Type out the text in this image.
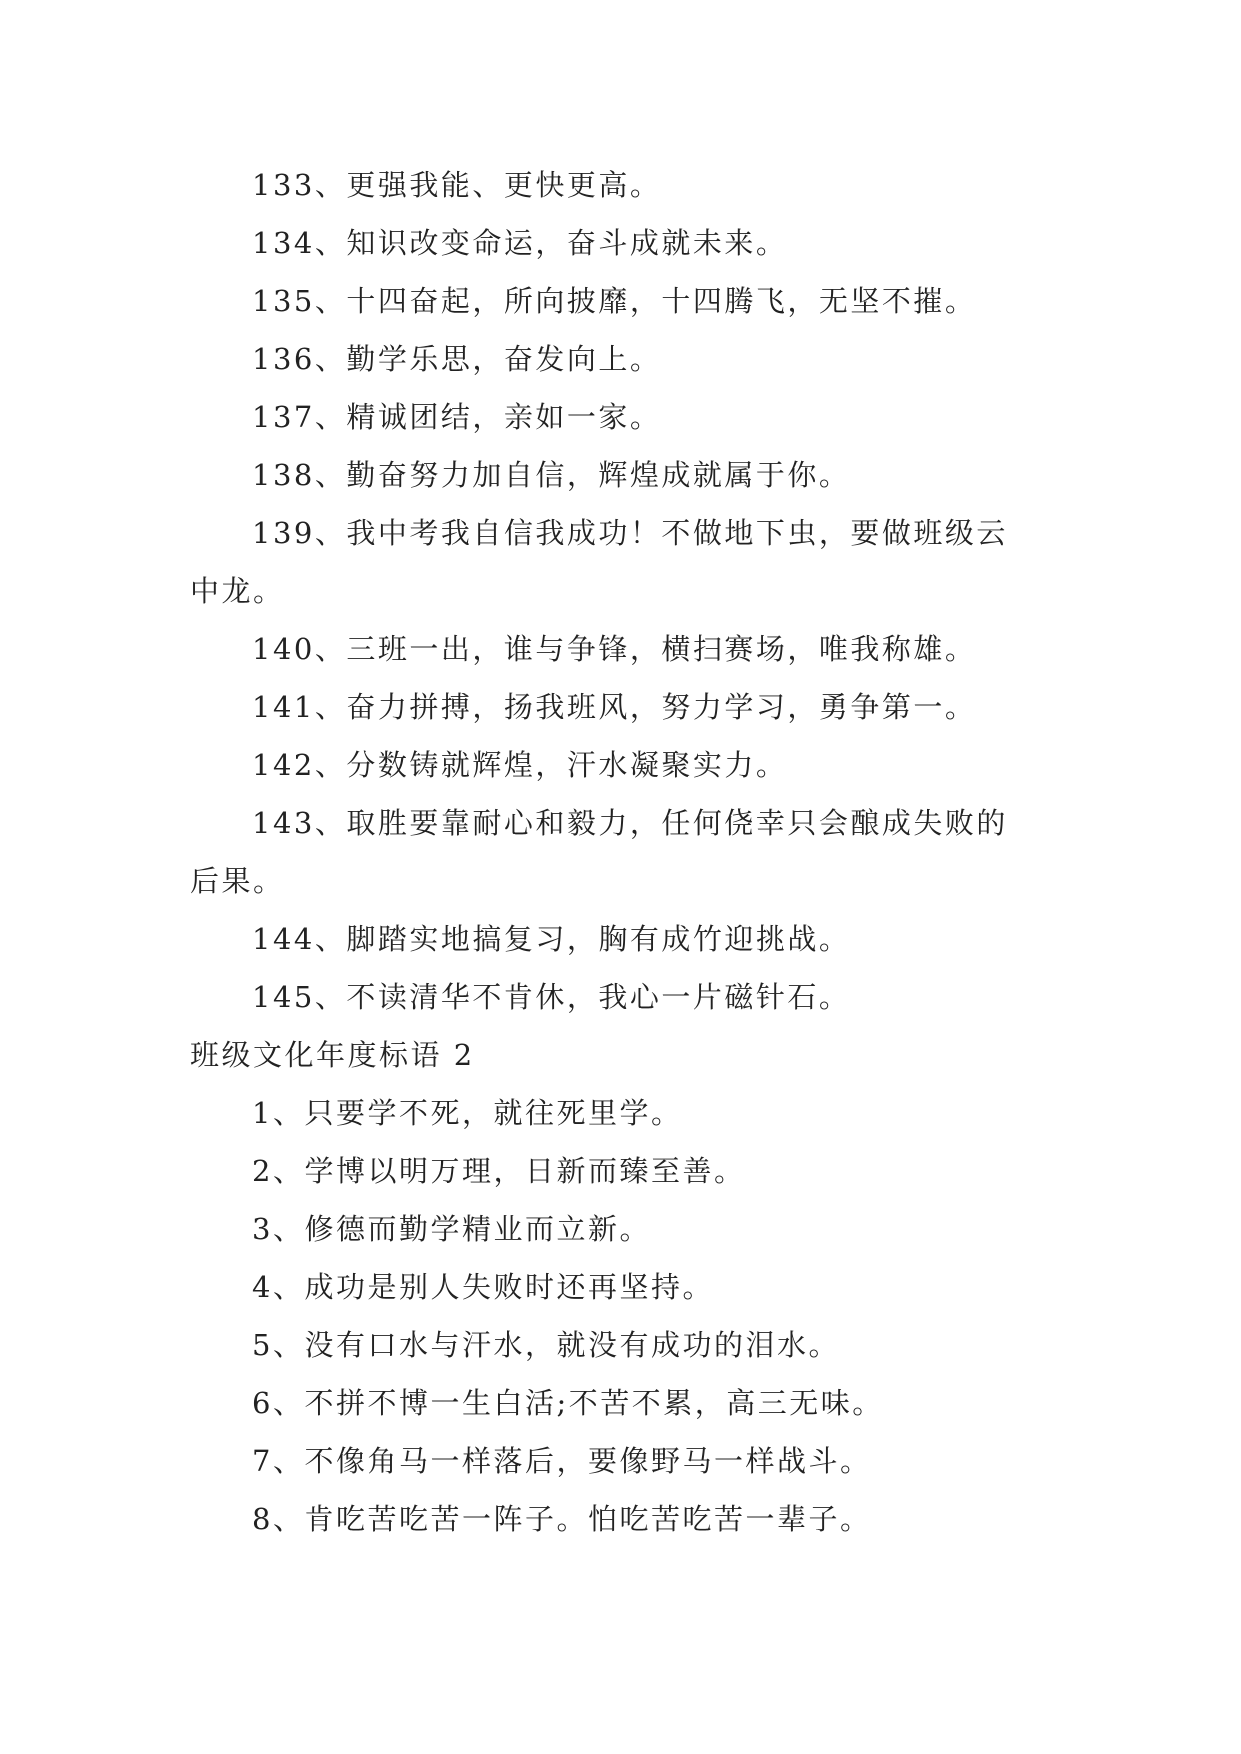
133、更强我能、更快更高。
134、知识改变命运，奋斗成就未来。
135、十四奋起，所向披靡，十四腾飞，无坚不摧。
136、勤学乐思，奋发向上。
137、精诚团结，亲如一家。
138、勤奋努力加自信，辉煌成就属于你。
139、我中考我自信我成功！不做地下虫，要做班级云
中龙。
140、三班一出，谁与争锋，横扫赛场，唯我称雄。
141、奋力拼搏，扬我班风，努力学习，勇争第一。
142、分数铸就辉煌，汗水凝聚实力。
143、取胜要靠耐心和毅力，任何侥幸只会酿成失败的
后果。
144、脚踏实地搞复习，胸有成竹迎挑战。
145、不读清华不肯休，我心一片磁针石。
班级文化年度标语 2
1、只要学不死，就往死里学。
2、学博以明万理，日新而臻至善。
3、修德而勤学精业而立新。
4、成功是别人失败时还再坚持。
5、没有口水与汗水，就没有成功的泪水。
6、不拼不博一生白活;不苦不累，高三无味。
7、不像角马一样落后，要像野马一样战斗。
8、肯吃苦吃苦一阵子。怕吃苦吃苦一辈子。
